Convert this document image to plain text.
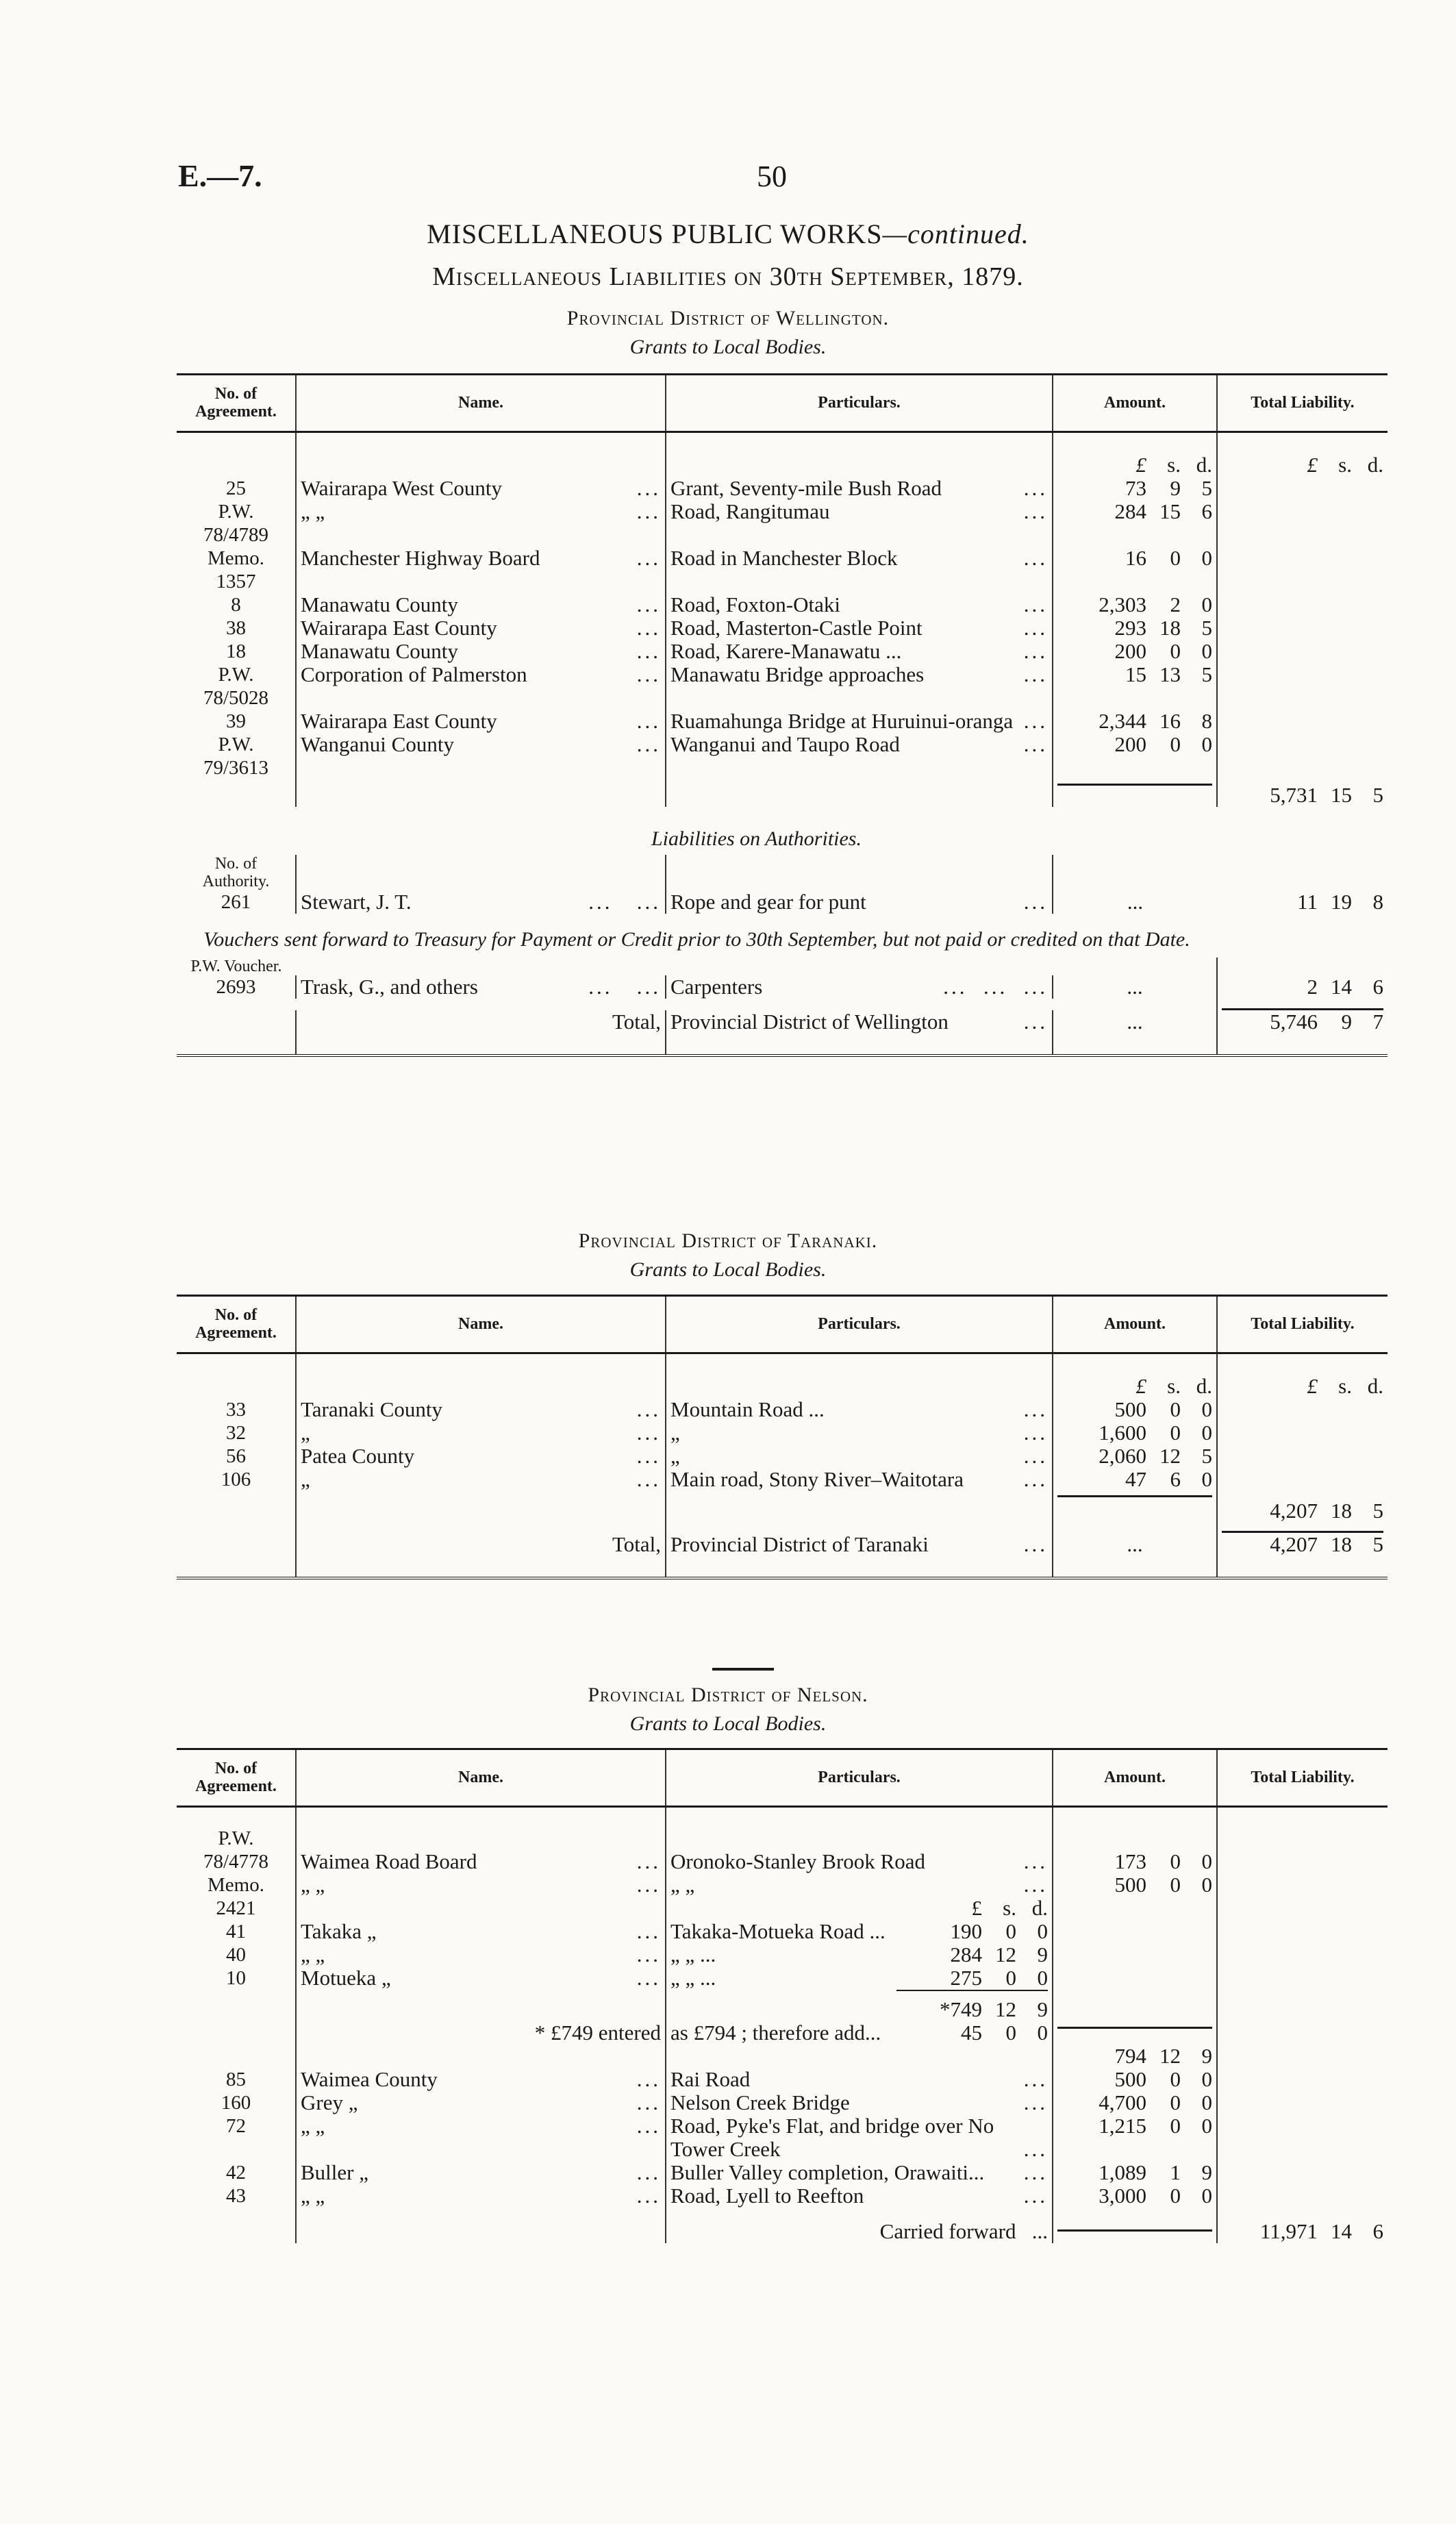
E.—7.	50
MISCELLANEOUS PUBLIC WORKS—continued.
Miscellaneous Liabilities on 30th September, 1879.
Provincial District of Wellington.
Grants to Local Bodies.
No. of Agreement.	Name.	Particulars.	Amount.	Total Liability.

			£ s. d.	£ s. d.

25	Wairarapa West County ...	Grant, Seventy-mile Bush Road ...	73 9 5	

P.W.	„ „ ...	Road, Rangitumau ...	284 15 6	

78/4789			

Memo.	Manchester Highway Board ...	Road in Manchester Block ...	16 0 0	

1357			

8	Manawatu County ...	Road, Foxton-Otaki ...	2,303 2 0	

38	Wairarapa East County ...	Road, Masterton-Castle Point ...	293 18 5	

18	Manawatu County ...	Road, Karere-Manawatu ... ...	200 0 0	

P.W.	Corporation of Palmerston ...	Manawatu Bridge approaches ...	15 13 5	

78/5028			

39	Wairarapa East County ...	Ruamahunga Bridge at Huruinui-oranga ...	2,344 16 8	

P.W.	Wanganui County ...	Wanganui and Taupo Road ...	200 0 0	

79/3613			

				5,731 15 5

	Liabilities on Authorities.			
No. of Authority.				
261	Stewart, J. T. ...   ...	Rope and gear for punt ...	...	11 19 8

Vouchers sent forward to Treasury for Payment or Credit prior to 30th September, but not paid or credited on that Date.				
P.W. Voucher.				
2693	Trask, G., and others ...   ...	Carpenters ...  ...  ...	...	2 14 6

	Total,	Provincial District of Wellington ...	...	5,746 9 7
Provincial District of Taranaki.
Grants to Local Bodies.
No. of Agreement.	Name.	Particulars.	Amount.	Total Liability.

			£ s. d.	£ s. d.

33	Taranaki County ...	Mountain Road ... ...	500 0 0	

32	„ ...	„ ...	1,600 0 0	

56	Patea County ...	„ ...	2,060 12 5	

106	„ ...	Main road, Stony River–Waitotara ...	47 6 0	

				4,207 18 5

	Total,	Provincial District of Taranaki ...	...	4,207 18 5
Provincial District of Nelson.
Grants to Local Bodies.
No. of Agreement.	Name.	Particulars.	Amount.	Total Liability.

P.W.			

78/4778	Waimea Road Board ...	Oronoko-Stanley Brook Road ...	173 0 0	

Memo.	„ „ ...	„ „ ...	500 0 0	

2421		£ s. d.		

41	Takaka „ ...	Takaka-Motueka Road ... 190 0 0		

40	„ „ ...	„ „ ... 284 12 9		

10	Motueka „ ...	„ „ ... 275 0 0		

		*749 12 9		

	* £749 entered	as £794 ; therefore add... 45 0 0		

			794 12 9	

85	Waimea County ...	Rai Road ...	500 0 0	

160	Grey „ ...	Nelson Creek Bridge ...	4,700 0 0	

72	„ „ ...	Road, Pyke's Flat, and bridge over No Tower Creek ...	1,215 0 0	

42	Buller „ ...	Buller Valley completion, Orawaiti... ...	1,089 1 9	

43	„ „ ...	Road, Lyell to Reefton ...	3,000 0 0	

		Carried forward ...		11,971 14 6
